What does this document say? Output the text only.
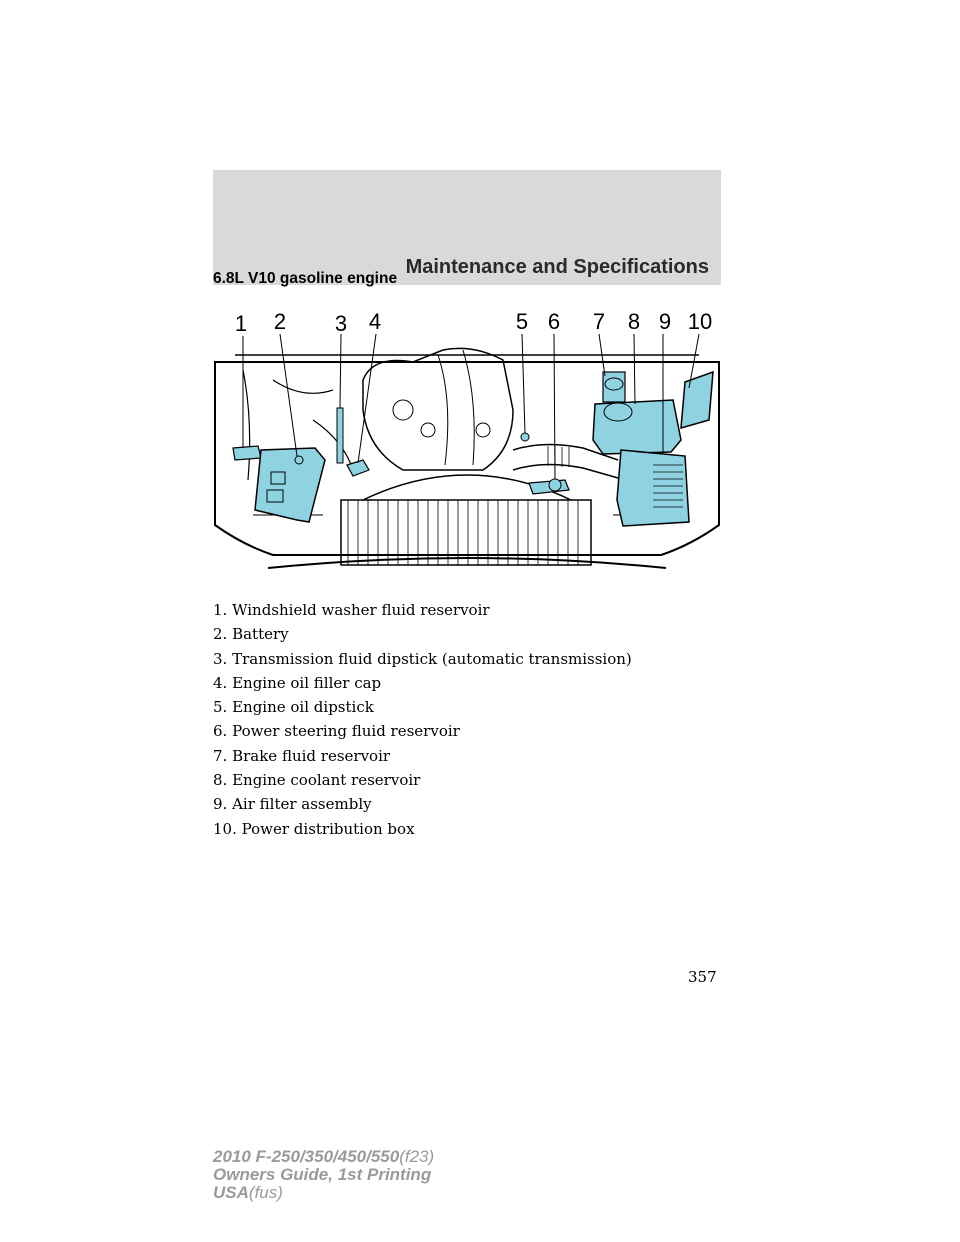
Maintenance and Specifications
6.8L V10 gasoline engine
1 2 3 4	5 6 7 8 9 10
1. Windshield washer fluid reservoir
2. Battery
3. Transmission fluid dipstick (automatic transmission)
4. Engine oil filler cap
5. Engine oil dipstick
6. Power steering fluid reservoir
7. Brake fluid reservoir
8. Engine coolant reservoir
9. Air filter assembly
10. Power distribution box
357
2010 F-250/350/450/550(f23)
Owners Guide, 1st Printing
USA(fus)
